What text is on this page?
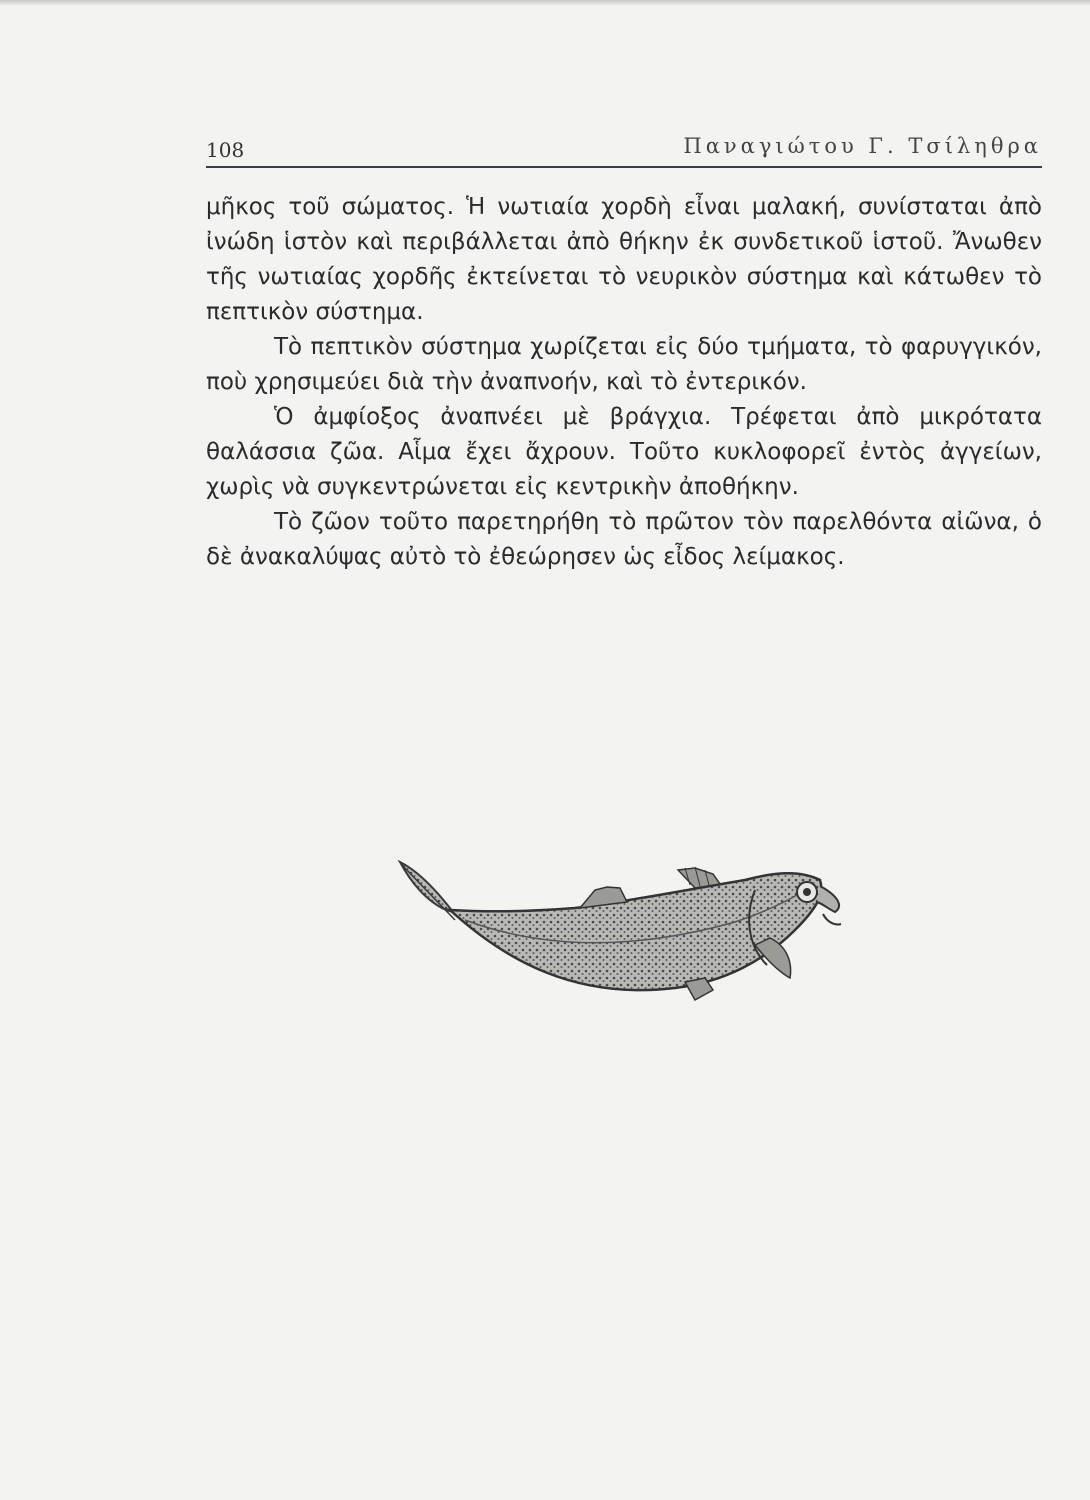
108	Παναγιώτου Γ. Τσίληθρα

μῆκος τοῦ σώματος. Ἡ νωτιαία χορδὴ εἶναι μαλακή, συνίσταται ἀπὸ ἰνώδη ἱστὸν καὶ περιβάλλεται ἀπὸ θήκην ἐκ συνδετικοῦ ἱστοῦ. Ἄνωθεν τῆς νωτιαίας χορδῆς ἐκτείνεται τὸ νευρικὸν σύστημα καὶ κάτωθεν τὸ πεπτικὸν σύστημα.

Τὸ πεπτικὸν σύστημα χωρίζεται εἰς δύο τμήματα, τὸ φαρυγγικόν, ποὺ χρησιμεύει διὰ τὴν ἀναπνοήν, καὶ τὸ ἐντερικόν.

Ὁ ἀμφίοξος ἀναπνέει μὲ βράγχια. Τρέφεται ἀπὸ μικρότατα θαλάσσια ζῶα. Αἷμα ἔχει ἄχρουν. Τοῦτο κυκλοφορεῖ ἐντὸς ἀγγείων, χωρὶς νὰ συγκεντρώνεται εἰς κεντρικὴν ἀποθήκην.

Τὸ ζῶον τοῦτο παρετηρήθη τὸ πρῶτον τὸν παρελθόντα αἰῶνα, ὁ δὲ ἀνακαλύψας αὐτὸ τὸ ἐθεώρησεν ὡς εἶδος λείμακος.
